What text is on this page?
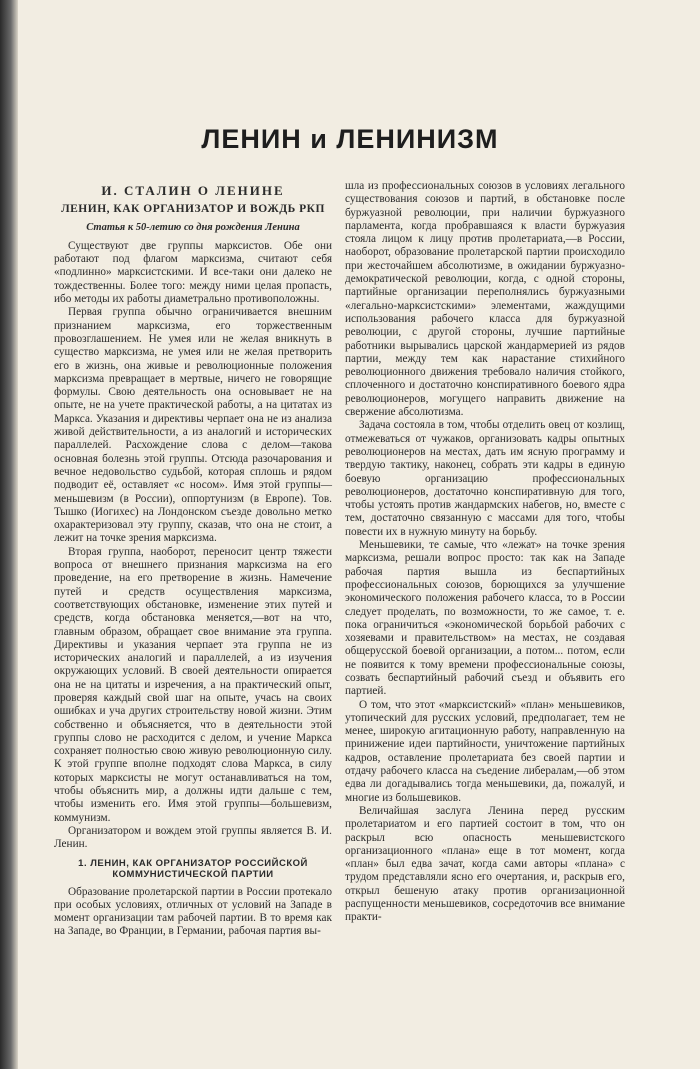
ЛЕНИН и ЛЕНИНИЗМ
И. СТАЛИН О ЛЕНИНЕ
ЛЕНИН, КАК ОРГАНИЗАТОР И ВОЖДЬ РКП
Статья к 50-летию со дня рождения Ленина

Существуют две группы марксистов. Обе они работают под флагом марксизма, считают себя «подлинно» марксистскими. И все-таки они далеко не тождественны. Более того: между ними целая пропасть, ибо методы их работы диаметрально противоположны.

Первая группа обычно ограничивается внешним признанием марксизма, его торжественным провозглашением. Не умея или не желая вникнуть в существо марксизма, не умея или не желая претворить его в жизнь, она живые и революционные положения марксизма превращает в мертвые, ничего не говорящие формулы. Свою деятельность она основывает не на опыте, не на учете практической работы, а на цитатах из Маркса. Указания и директивы черпает она не из анализа живой действительности, а из аналогий и исторических параллелей. Расхождение слова с делом—такова основная болезнь этой группы. Отсюда разочарования и вечное недовольство судьбой, которая сплошь и рядом подводит её, оставляет «с носом». Имя этой группы—меньшевизм (в России), оппортунизм (в Европе). Тов. Тышко (Иогихес) на Лондонском съезде довольно метко охарактеризовал эту группу, сказав, что она не стоит, а лежит на точке зрения марксизма.

Вторая группа, наоборот, переносит центр тяжести вопроса от внешнего признания марксизма на его проведение, на его претворение в жизнь. Намечение путей и средств осуществления марксизма, соответствующих обстановке, изменение этих путей и средств, когда обстановка меняется,—вот на что, главным образом, обращает свое внимание эта группа. Директивы и указания черпает эта группа не из исторических аналогий и параллелей, а из изучения окружающих условий. В своей деятельности опирается она не на цитаты и изречения, а на практический опыт, проверяя каждый свой шаг на опыте, учась на своих ошибках и уча других строительству новой жизни. Этим собственно и объясняется, что в деятельности этой группы слово не расходится с делом, и учение Маркса сохраняет полностью свою живую революционную силу. К этой группе вполне подходят слова Маркса, в силу которых марксисты не могут останавливаться на том, чтобы объяснить мир, а должны идти дальше с тем, чтобы изменить его. Имя этой группы—большевизм, коммунизм.

Организатором и вождем этой группы является В. И. Ленин.

1. ЛЕНИН, КАК ОРГАНИЗАТОР РОССИЙСКОЙ КОММУНИСТИЧЕСКОЙ ПАРТИИ

Образование пролетарской партии в России протекало при особых условиях, отличных от условий на Западе в момент организации там рабочей партии. В то время как на Западе, во Франции, в Германии, рабочая партия вы-

шла из профессиональных союзов в условиях легального существования союзов и партий, в обстановке после буржуазной революции, при наличии буржуазного парламента, когда пробравшаяся к власти буржуазия стояла лицом к лицу против пролетариата,—в России, наоборот, образование пролетарской партии происходило при жесточайшем абсолютизме, в ожидании буржуазно-демократической революции, когда, с одной стороны, партийные организации переполнялись буржуазными «легально-марксистскими» элементами, жаждущими использования рабочего класса для буржуазной революции, с другой стороны, лучшие партийные работники вырывались царской жандармерией из рядов партии, между тем как нарастание стихийного революционного движения требовало наличия стойкого, сплоченного и достаточно конспиративного боевого ядра революционеров, могущего направить движение на свержение абсолютизма.

Задача состояла в том, чтобы отделить овец от козлищ, отмежеваться от чужаков, организовать кадры опытных революционеров на местах, дать им ясную программу и твердую тактику, наконец, собрать эти кадры в единую боевую организацию профессиональных революционеров, достаточно конспиративную для того, чтобы устоять против жандармских набегов, но, вместе с тем, достаточно связанную с массами для того, чтобы повести их в нужную минуту на борьбу.

Меньшевики, те самые, что «лежат» на точке зрения марксизма, решали вопрос просто: так как на Западе рабочая партия вышла из беспартийных профессиональных союзов, борющихся за улучшение экономического положения рабочего класса, то в России следует проделать, по возможности, то же самое, т. е. пока ограничиться «экономической борьбой рабочих с хозяевами и правительством» на местах, не создавая общерусской боевой организации, а потом... потом, если не появится к тому времени профессиональные союзы, созвать беспартийный рабочий съезд и объявить его партией.

О том, что этот «марксистский» «план» меньшевиков, утопический для русских условий, предполагает, тем не менее, широкую агитационную работу, направленную на принижение идеи партийности, уничтожение партийных кадров, оставление пролетариата без своей партии и отдачу рабочего класса на съедение либералам,—об этом едва ли догадывались тогда меньшевики, да, пожалуй, и многие из большевиков.

Величайшая заслуга Ленина перед русским пролетариатом и его партией состоит в том, что он раскрыл всю опасность меньшевистского организационного «плана» еще в тот момент, когда «план» был едва зачат, когда сами авторы «плана» с трудом представляли ясно его очертания, и, раскрыв его, открыл бешеную атаку против организационной распущенности меньшевиков, сосредоточив все внимание практи-
